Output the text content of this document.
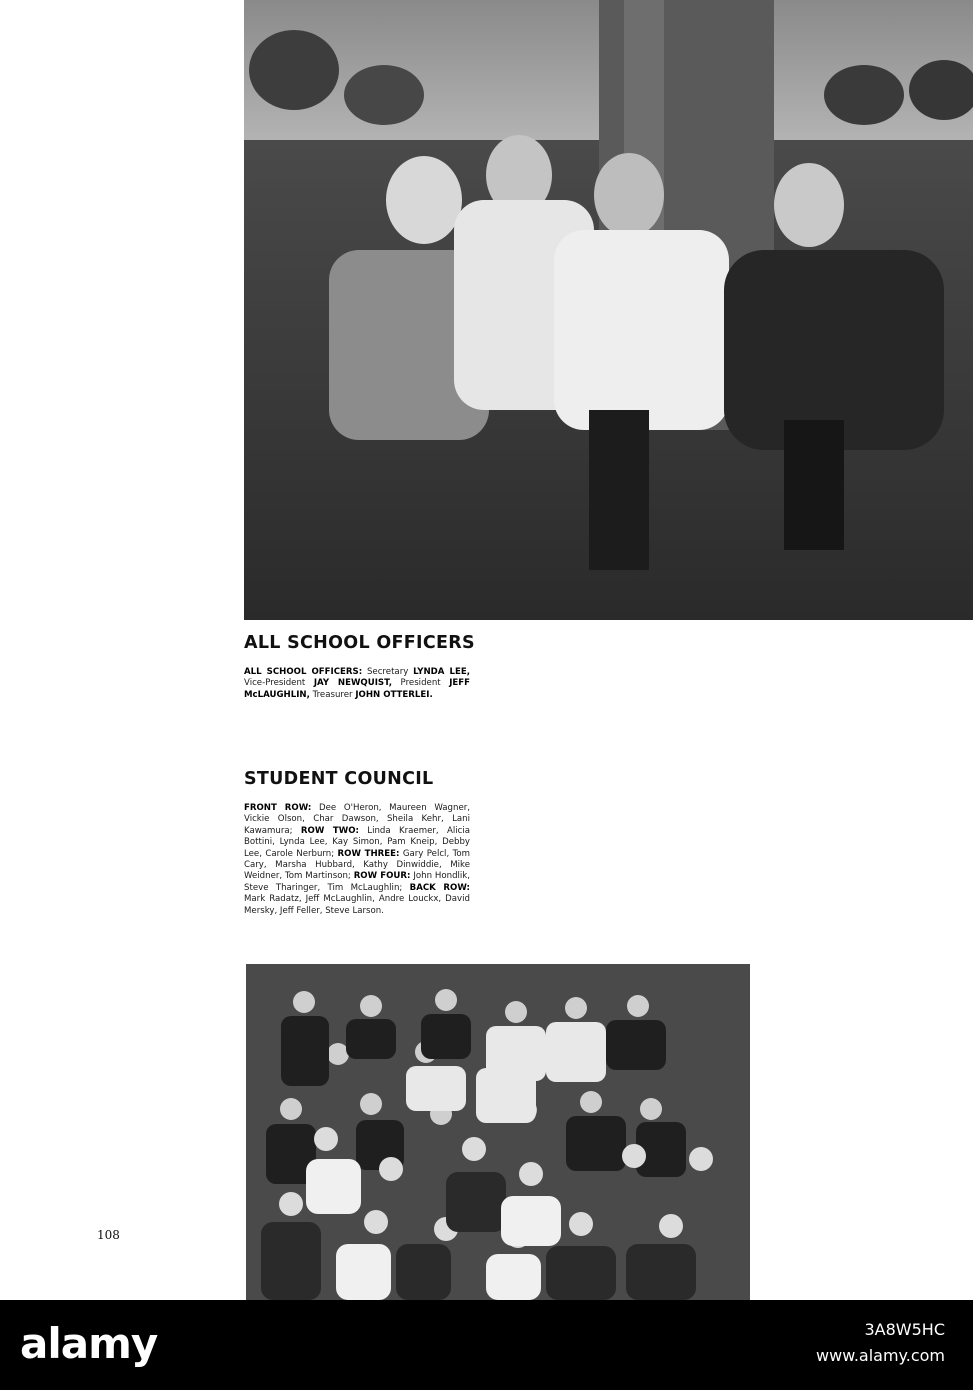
ALL SCHOOL OFFICERS

ALL SCHOOL OFFICERS: Secretary LYNDA LEE, Vice-President JAY NEWQUIST, President JEFF McLAUGHLIN, Treasurer JOHN OTTERLEI.

STUDENT COUNCIL

FRONT ROW: Dee O'Heron, Maureen Wagner, Vickie Olson, Char Dawson, Sheila Kehr, Lani Kawamura; ROW TWO: Linda Kraemer, Alicia Bottini, Lynda Lee, Kay Simon, Pam Kneip, Debby Lee, Carole Nerburn; ROW THREE: Gary Pelcl, Tom Cary, Marsha Hubbard, Kathy Dinwiddie, Mike Weidner, Tom Martinson; ROW FOUR: John Hondlik, Steve Tharinger, Tim McLaughlin; BACK ROW: Mark Radatz, Jeff McLaughlin, Andre Louckx, David Mersky, Jeff Feller, Steve Larson.

108
alamy	3A8W5HC
www.alamy.com
